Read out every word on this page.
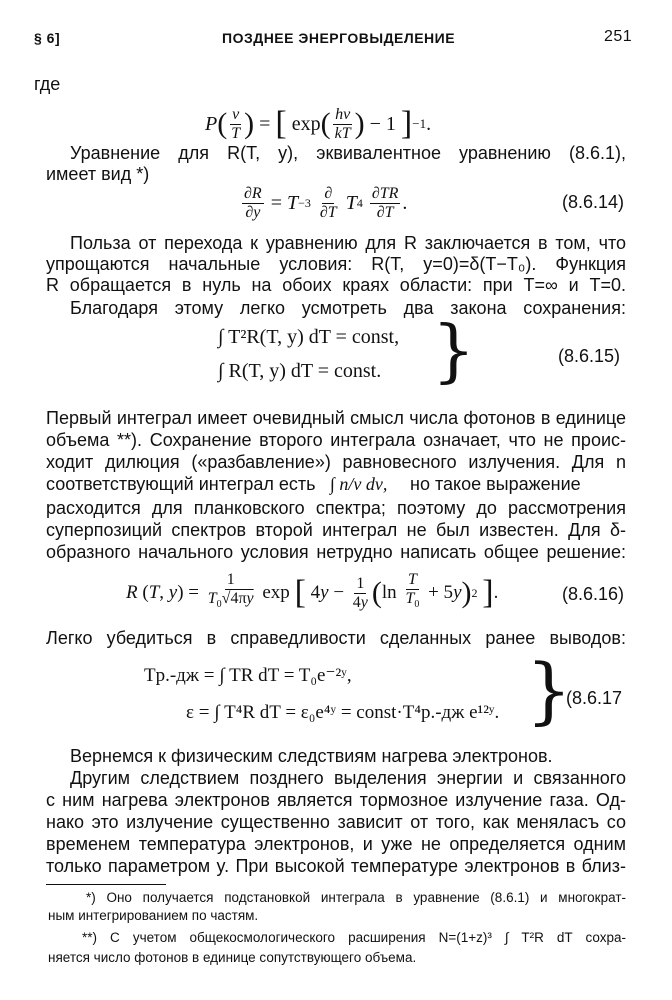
§ 6]	ПОЗДНЕЕ ЭНЕРГОВЫДЕЛЕНИЕ	251
где
P ( $\frac{\nu}{T}$ ) = [ exp ( $\frac{h\nu}{kT}$ ) − 1 ] −1 .
Уравнение для R(T, y), эквивалентное уравнению (8.6.1),
имеет вид *)
$\frac{\partial R}{\partial y} = T -3$
$\frac{\partial}{\partial T}$
T 4
$\frac{\partial TR}{\partial T}$ .	(8.6.14)
Польза от перехода к уравнению для R заключается в том, что
упрощаются начальные условия: R(T, y=0)=δ(T−T₀). Функция
R обращается в нуль на обоих краях области: при T=∞ и T=0.
Благодаря этому легко усмотреть два закона сохранения:
∫ T²R(T, y) dT = const,
∫ R(T, y) dT = const. }	(8.6.15)
Первый интеграл имеет очевидный смысл числа фотонов в единице
объема **). Сохранение второго интеграла означает, что не проис-
ходит дилюция («разбавление») равновесного излучения. Для n
соответствующий интеграл есть ∫ n/ν dν, но такое выражение
расходится для планковского спектра; поэтому до рассмотрения
суперпозиций спектров второй интеграл не был известен. Для δ-
образного начального условия нетрудно написать общее решение:
R ( T , y ) = $\frac{1}{T_0√4\pi y}$ exp [ 4 $y - \frac{1}{4y}$ ( $\ln \frac{T}{T_0} + 5$ y ) 2
] .	(8.6.16)
Легко убедиться в справедливости сделанных ранее выводов:
Tр.-дж = ∫ TR dT = T₀e⁻²ʸ,
ε = ∫ T⁴R dT = ε₀e⁴ʸ = const·T⁴р.-дж e¹²ʸ. }
(8.6.17
Вернемся к физическим следствиям нагрева электронов.
Другим следствием позднего выделения энергии и связанного
с ним нагрева электронов является тормозное излучение газа. Од-
нако это излучение существенно зависит от того, как меняласъ со
временем температура электронов, и уже не определяется одним
только параметром y. При высокой температуре электронов в близ-
*) Оно получается подстановкой интеграла в уравнение (8.6.1) и многократ-
ным интегрированием по частям.
**) С учетом общекосмологического расширения N=(1+z)³ ∫ T²R dT сохра-
няется число фотонов в единице сопутствующего объема.
